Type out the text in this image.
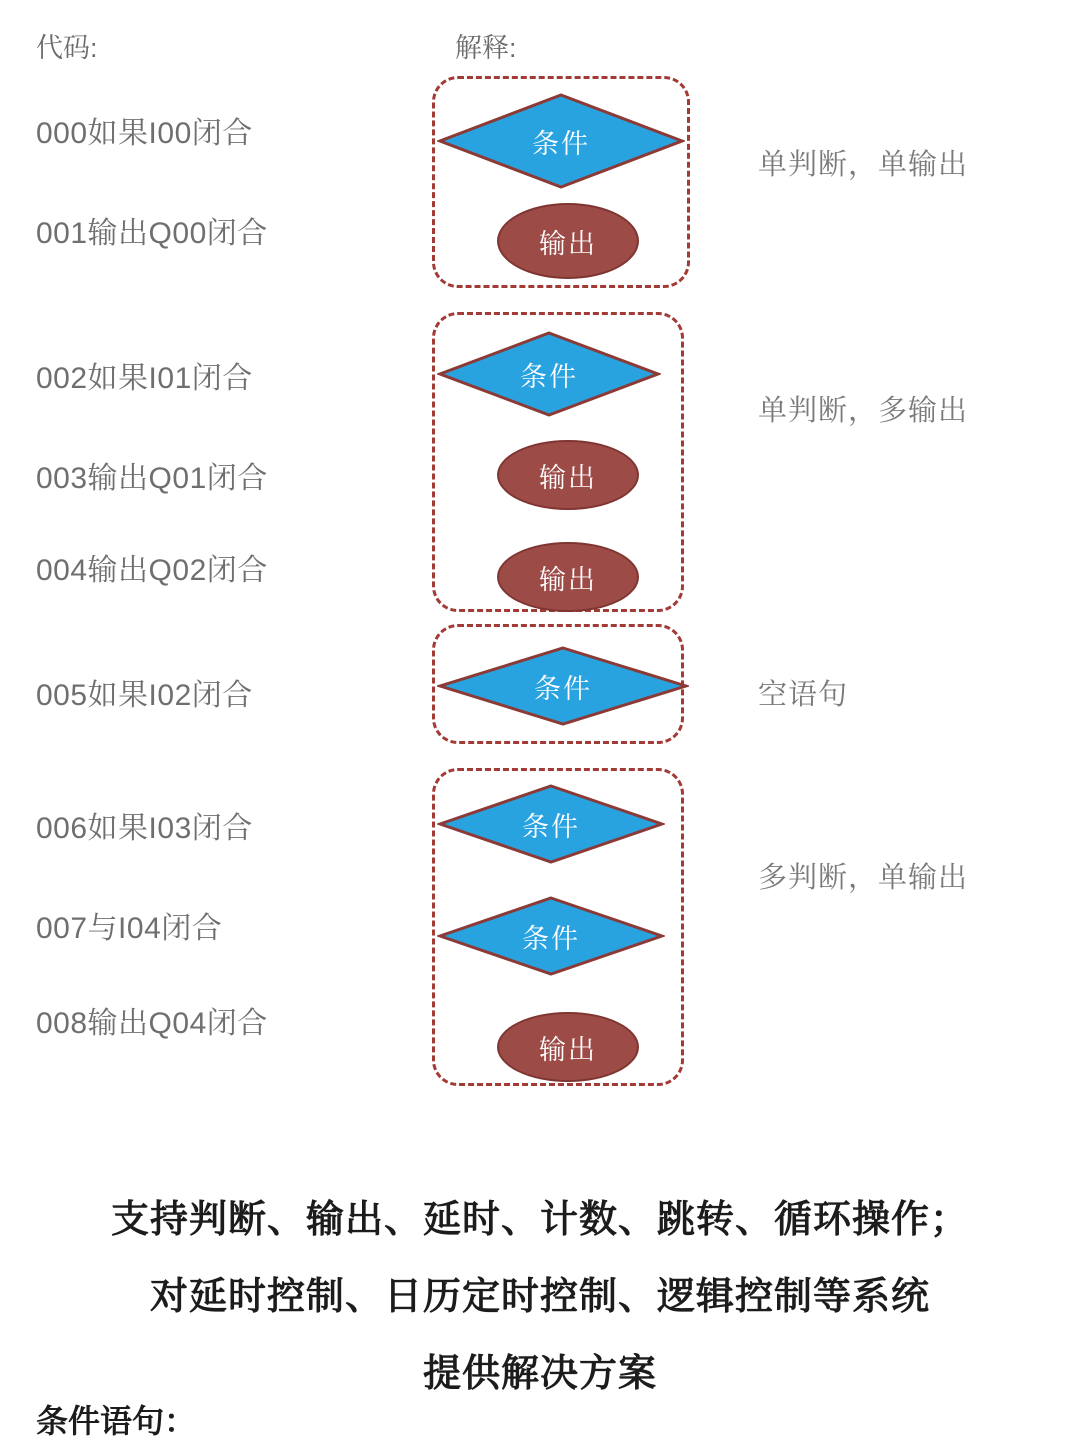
代码:	解释:
000如果I00闭合
001输出Q00闭合
002如果I01闭合
003输出Q01闭合
004输出Q02闭合
005如果I02闭合
006如果I03闭合
007与I04闭合
008输出Q04闭合
单判断，单输出
条件
输出
单判断，多输出
条件
输出
输出
空语句
条件
多判断，单输出
条件
条件
输出
支持判断、输出、延时、计数、跳转、循环操作；
对延时控制、日历定时控制、逻辑控制等系统
提供解决方案
条件语句：
